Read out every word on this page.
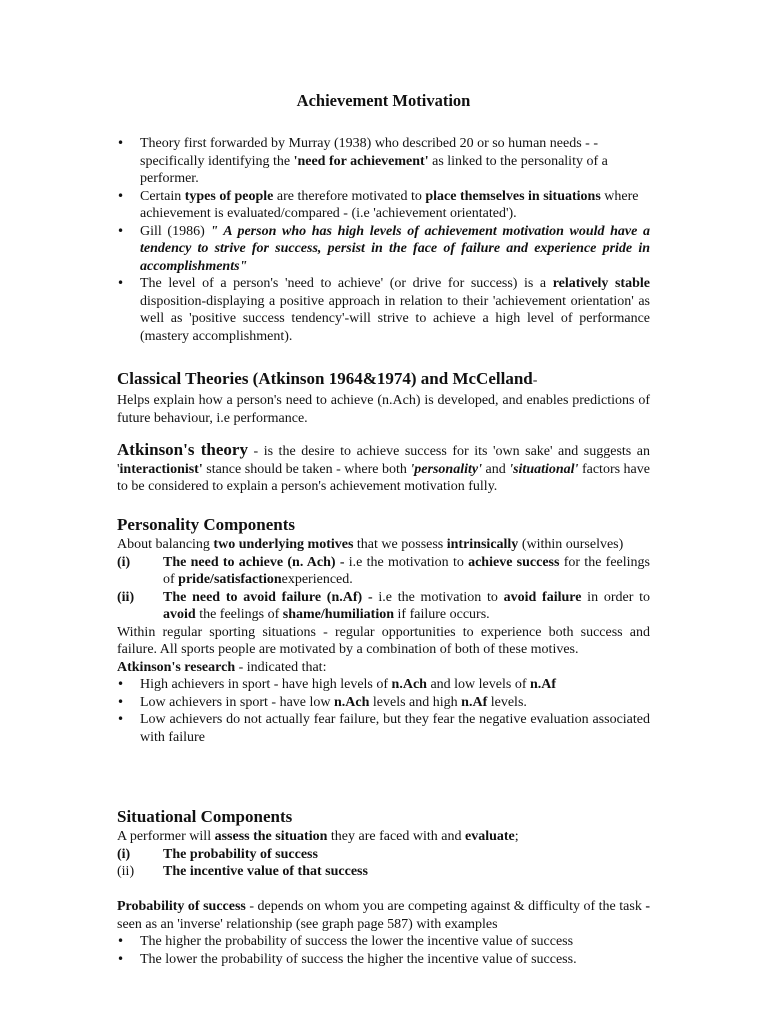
Achievement Motivation
• Theory first forwarded by Murray (1938) who described 20 or so human needs - - specifically identifying the 'need for achievement' as linked to the personality of a performer.
• Certain types of people are therefore motivated to place themselves in situations where achievement is evaluated/compared - (i.e 'achievement orientated').
• Gill (1986) " A person who has high levels of achievement motivation would have a tendency to strive for success, persist in the face of failure and experience pride in accomplishments"
• The level of a person's 'need to achieve' (or drive for success) is a relatively stable disposition-displaying a positive approach in relation to their 'achievement orientation' as well as 'positive success tendency'-will strive to achieve a high level of performance (mastery accomplishment).
Classical Theories (Atkinson 1964&1974) and McCelland-

Helps explain how a person's need to achieve (n.Ach) is developed, and enables predictions of future behaviour, i.e performance.

Atkinson's theory - is the desire to achieve success for its 'own sake' and suggests an 'interactionist' stance should be taken - where both 'personality' and 'situational' factors have to be considered to explain a person's achievement motivation fully.

Personality Components

About balancing two underlying motives that we possess intrinsically (within ourselves)

(i) The need to achieve (n. Ach) - i.e the motivation to achieve success for the feelings of pride/satisfactionexperienced.
(ii) The need to avoid failure (n.Af) - i.e the motivation to avoid failure in order to avoid the feelings of shame/humiliation if failure occurs.

Within regular sporting situations - regular opportunities to experience both success and failure. All sports people are motivated by a combination of both of these motives.

Atkinson's research - indicated that:

• High achievers in sport - have high levels of n.Ach and low levels of n.Af
• Low achievers in sport - have low n.Ach levels and high n.Af levels.
• Low achievers do not actually fear failure, but they fear the negative evaluation associated with failure
Situational Components

A performer will assess the situation they are faced with and evaluate;

(i) The probability of success
(ii) The incentive value of that success

Probability of success - depends on whom you are competing against & difficulty of the task - seen as an 'inverse' relationship (see graph page 587) with examples

• The higher the probability of success the lower the incentive value of success
• The lower the probability of success the higher the incentive value of success.
